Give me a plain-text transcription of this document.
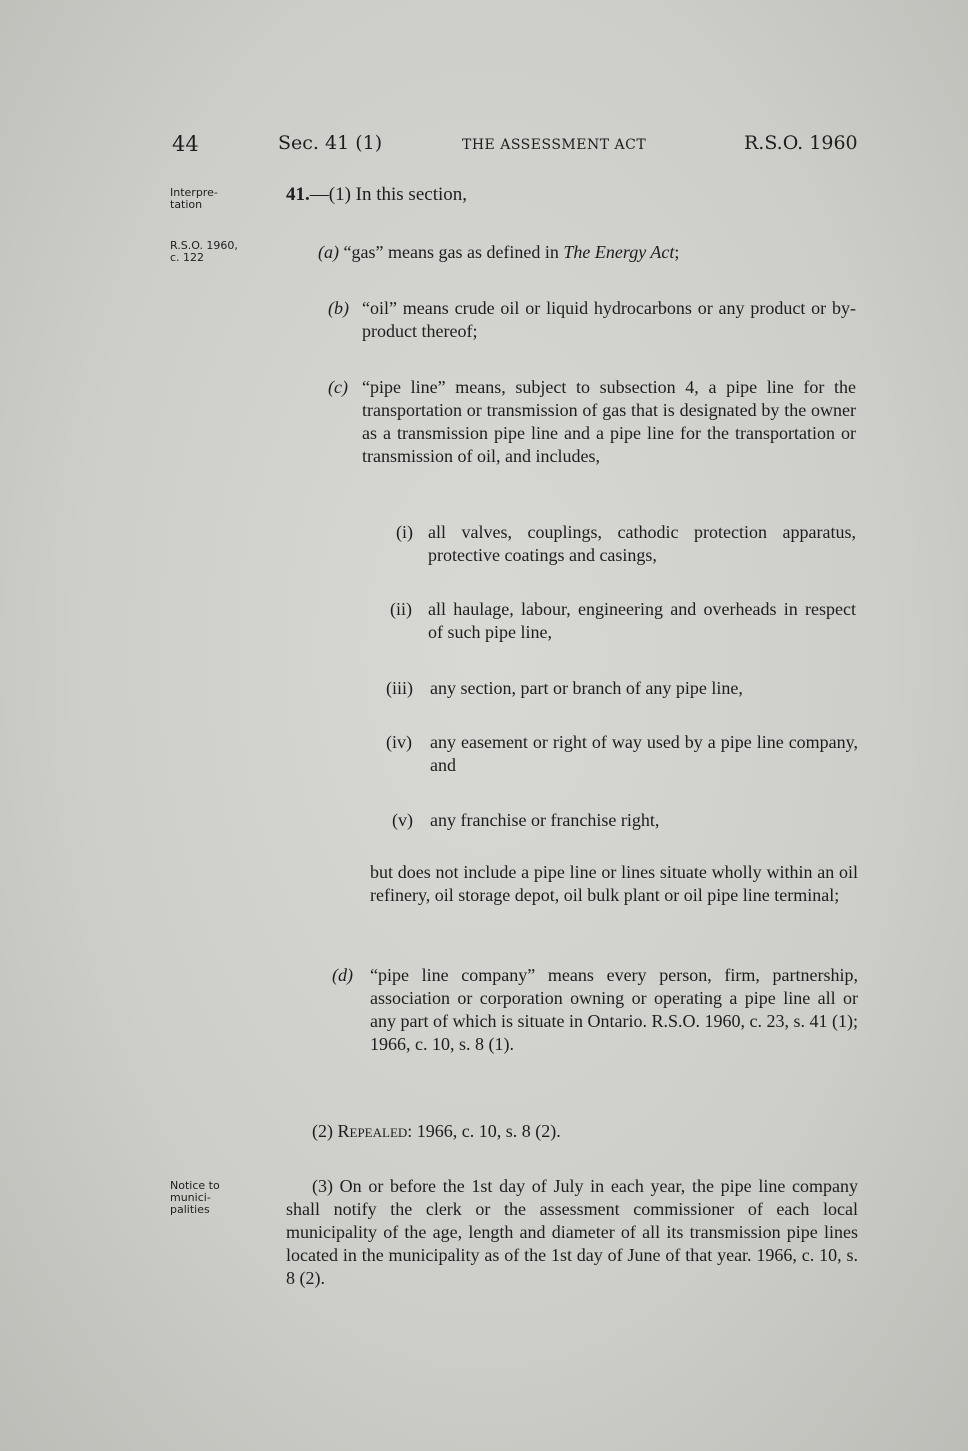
44	Sec. 41 (1)	THE ASSESSMENT ACT	R.S.O. 1960
Interpre-
tation
R.S.O. 1960,
c. 122
Notice to
munici-
palities
41.—(1) In this section,
(a) “gas” means gas as defined in The Energy Act;
(b) “oil” means crude oil or liquid hydrocarbons or any product or by-product thereof;
(c) “pipe line” means, subject to subsection 4, a pipe line for the transportation or transmission of gas that is designated by the owner as a transmission pipe line and a pipe line for the transportation or transmission of oil, and includes,
(i) all valves, couplings, cathodic protection apparatus, protective coatings and casings,
(ii) all haulage, labour, engineering and overheads in respect of such pipe line,
(iii) any section, part or branch of any pipe line,
(iv)	any easement or right of way used by a pipe line company, and
(v) any franchise or franchise right,
but does not include a pipe line or lines situate wholly within an oil refinery, oil storage depot, oil bulk plant or oil pipe line terminal;
(d) “pipe line company” means every person, firm, partnership, association or corporation owning or operating a pipe line all or any part of which is situate in Ontario. R.S.O. 1960, c. 23, s. 41 (1); 1966, c. 10, s. 8 (1).
(2) Repealed: 1966, c. 10, s. 8 (2).
(3) On or before the 1st day of July in each year, the pipe line company shall notify the clerk or the assessment commissioner of each local municipality of the age, length and diameter of all its transmission pipe lines located in the municipality as of the 1st day of June of that year. 1966, c. 10, s. 8 (2).
